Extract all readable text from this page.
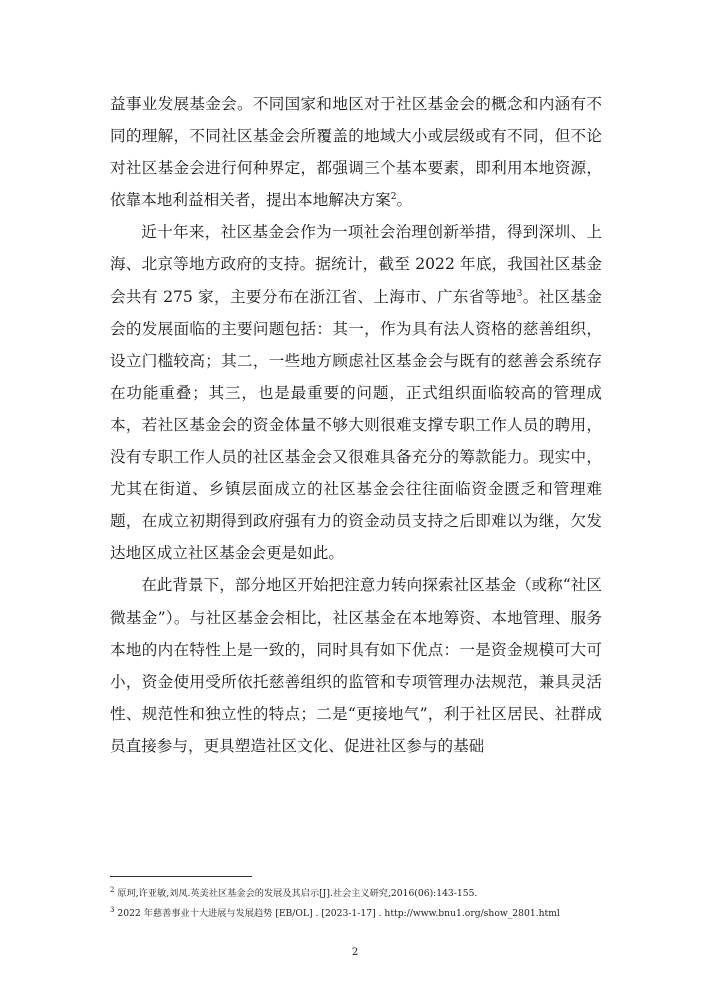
益事业发展基金会。不同国家和地区对于社区基金会的概念和内涵有不同的理解，不同社区基金会所覆盖的地域大小或层级或有不同，但不论对社区基金会进行何种界定，都强调三个基本要素，即利用本地资源，依靠本地利益相关者，提出本地解决方案$^2$。

近十年来，社区基金会作为一项社会治理创新举措，得到深圳、上海、北京等地方政府的支持。据统计，截至 2022 年底，我国社区基金会共有 275 家，主要分布在浙江省、上海市、广东省等地$^3$。社区基金会的发展面临的主要问题包括：其一，作为具有法人资格的慈善组织，设立门槛较高；其二，一些地方顾虑社区基金会与既有的慈善会系统存在功能重叠；其三，也是最重要的问题，正式组织面临较高的管理成本，若社区基金会的资金体量不够大则很难支撑专职工作人员的聘用，没有专职工作人员的社区基金会又很难具备充分的筹款能力。现实中，尤其在街道、乡镇层面成立的社区基金会往往面临资金匮乏和管理难题，在成立初期得到政府强有力的资金动员支持之后即难以为继，欠发达地区成立社区基金会更是如此。

在此背景下，部分地区开始把注意力转向探索社区基金（或称“社区微基金”）。与社区基金会相比，社区基金在本地筹资、本地管理、服务本地的内在特性上是一致的，同时具有如下优点：一是资金规模可大可小，资金使用受所依托慈善组织的监管和专项管理办法规范，兼具灵活性、规范性和独立性的特点；二是“更接地气”，利于社区居民、社群成员直接参与，更具塑造社区文化、促进社区参与的基础

$^2$ 原珂,许亚敏,刘凤.英美社区基金会的发展及其启示[J].社会主义研究,2016(06):143-155.

$^3$ 2022 年慈善事业十大进展与发展趋势 [EB/OL] . [2023-1-17] . http://www.bnu1.org/show_2801.html

2
